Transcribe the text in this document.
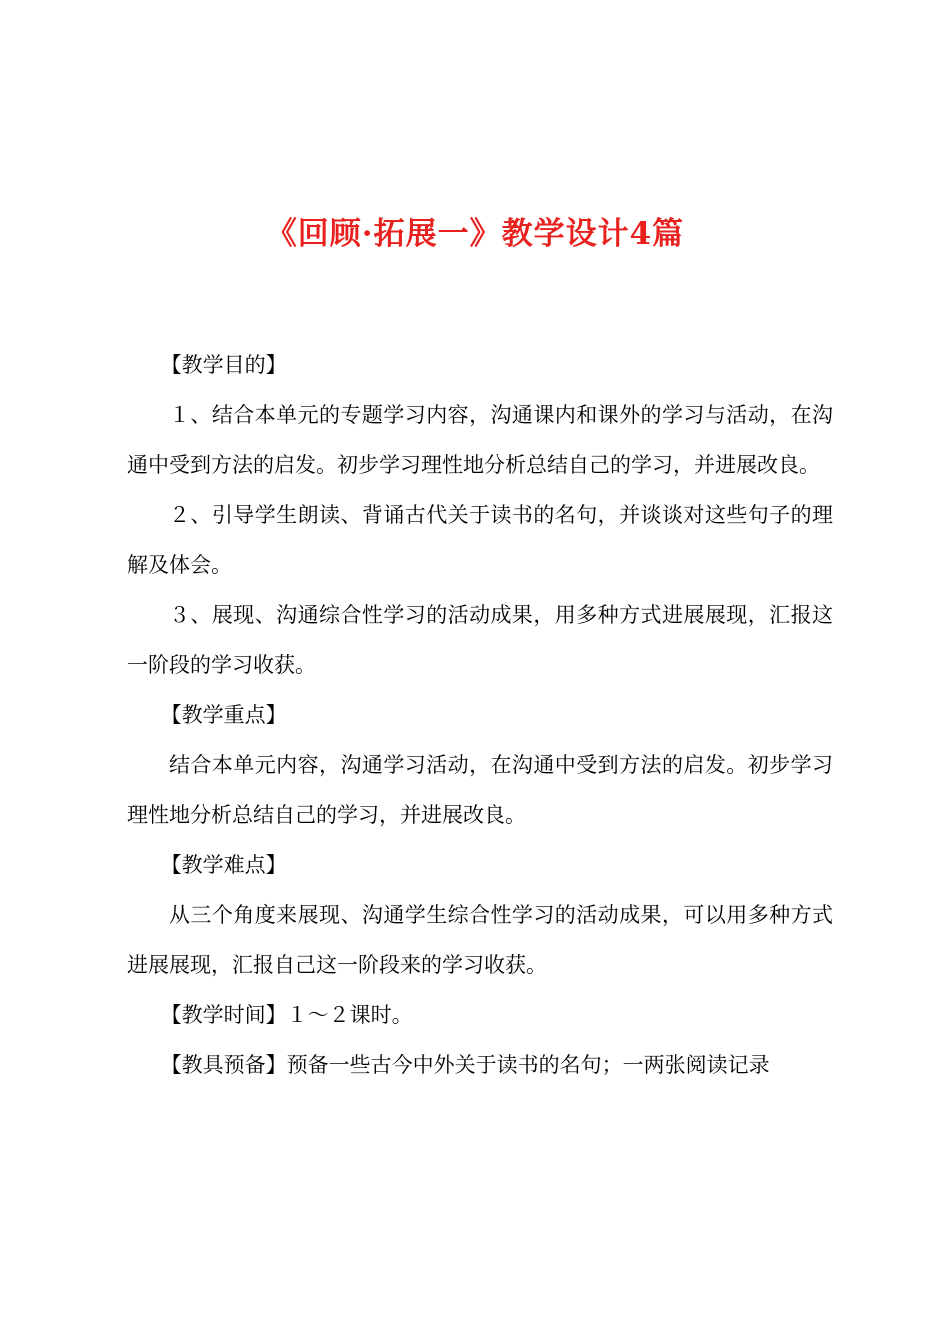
《回顾·拓展一》教学设计4篇

【教学目的】

１、结合本单元的专题学习内容，沟通课内和课外的学习与活动，在沟通中受到方法的启发。初步学习理性地分析总结自己的学习，并进展改良。

２、引导学生朗读、背诵古代关于读书的名句，并谈谈对这些句子的理解及体会。

３、展现、沟通综合性学习的活动成果，用多种方式进展展现，汇报这一阶段的学习收获。

【教学重点】

结合本单元内容，沟通学习活动，在沟通中受到方法的启发。初步学习理性地分析总结自己的学习，并进展改良。

【教学难点】

从三个角度来展现、沟通学生综合性学习的活动成果，可以用多种方式进展展现，汇报自己这一阶段来的学习收获。

【教学时间】１～２课时。

【教具预备】预备一些古今中外关于读书的名句；一两张阅读记录
